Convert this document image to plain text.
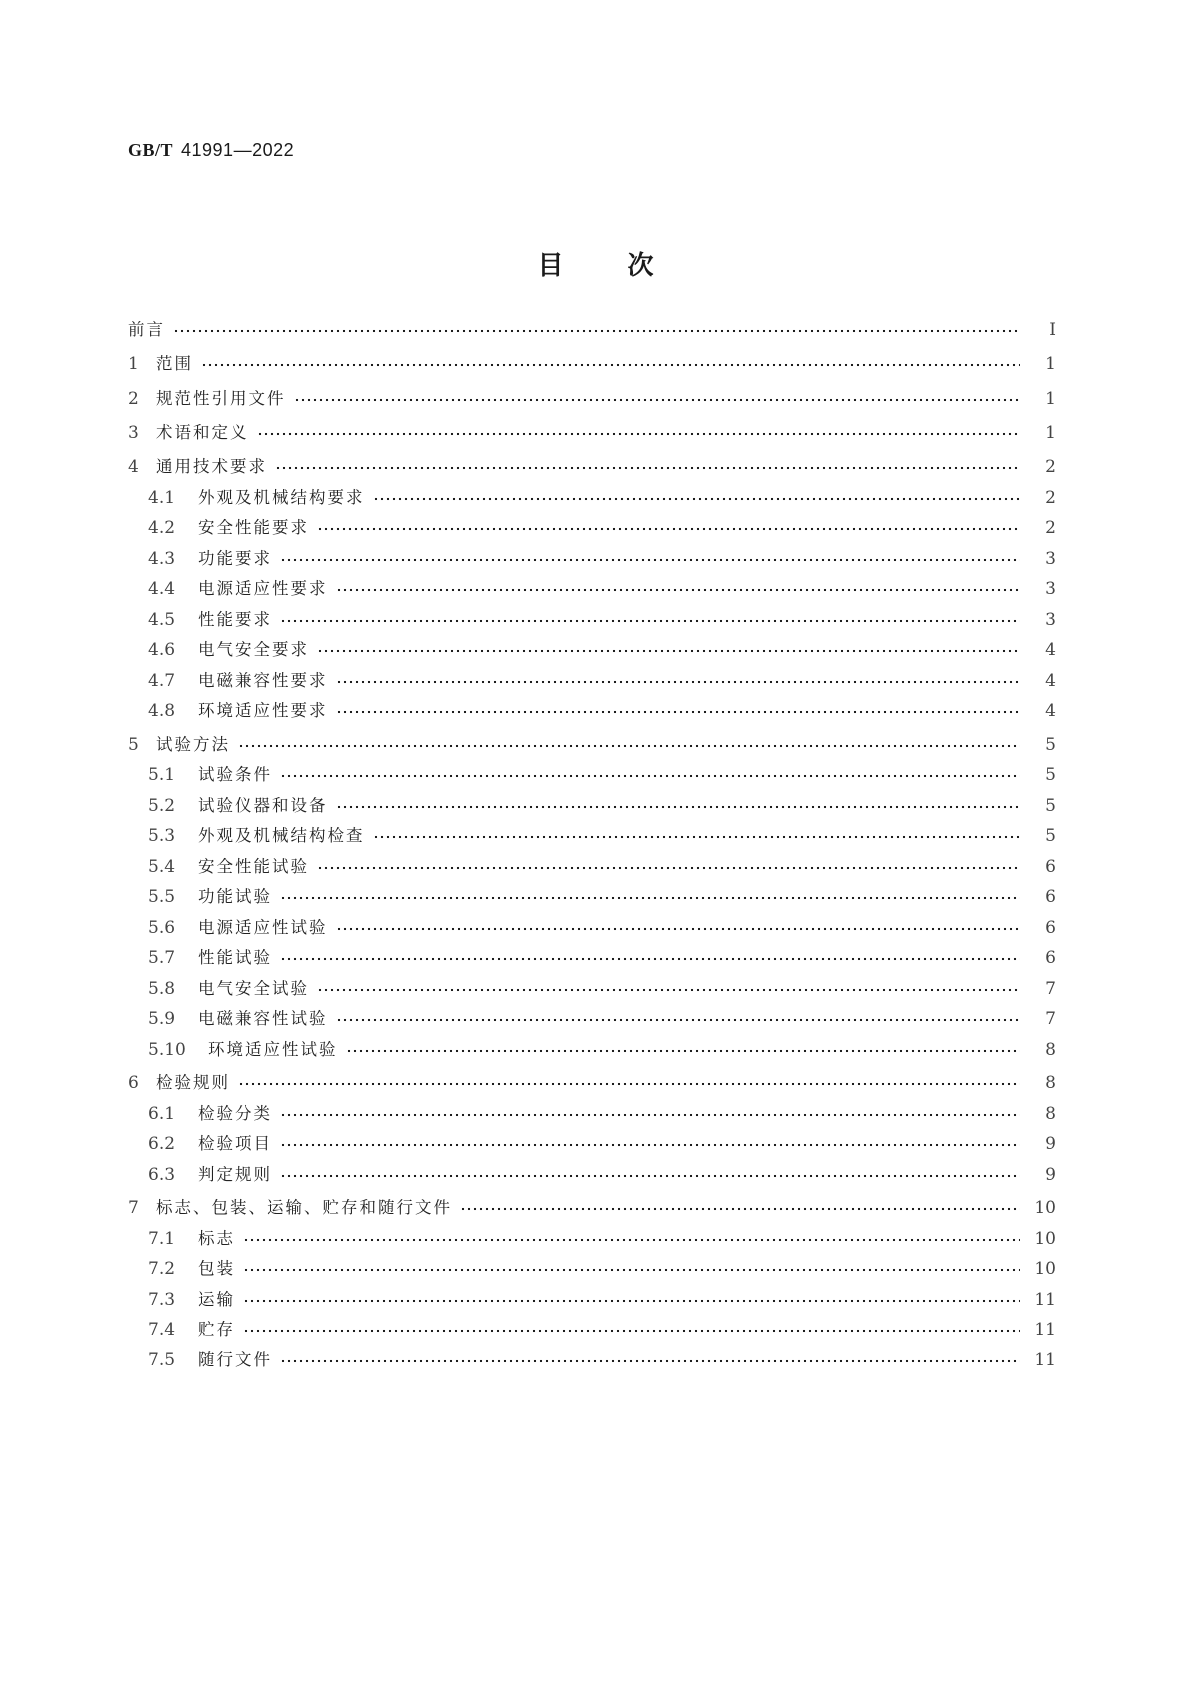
GB/T 41991—2022
目次
前言	Ⅰ
1	范围	1
2	规范性引用文件	1
3	术语和定义	1
4	通用技术要求	2
4.1	外观及机械结构要求	2
4.2	安全性能要求	2
4.3	功能要求	3
4.4	电源适应性要求	3
4.5	性能要求	3
4.6	电气安全要求	4
4.7	电磁兼容性要求	4
4.8	环境适应性要求	4
5	试验方法	5
5.1	试验条件	5
5.2	试验仪器和设备	5
5.3	外观及机械结构检查	5
5.4	安全性能试验	6
5.5	功能试验	6
5.6	电源适应性试验	6
5.7	性能试验	6
5.8	电气安全试验	7
5.9	电磁兼容性试验	7
5.10	环境适应性试验	8
6	检验规则	8
6.1	检验分类	8
6.2	检验项目	9
6.3	判定规则	9
7	标志、包装、运输、贮存和随行文件	10
7.1	标志	10
7.2	包装	10
7.3	运输	11
7.4	贮存	11
7.5	随行文件	11
